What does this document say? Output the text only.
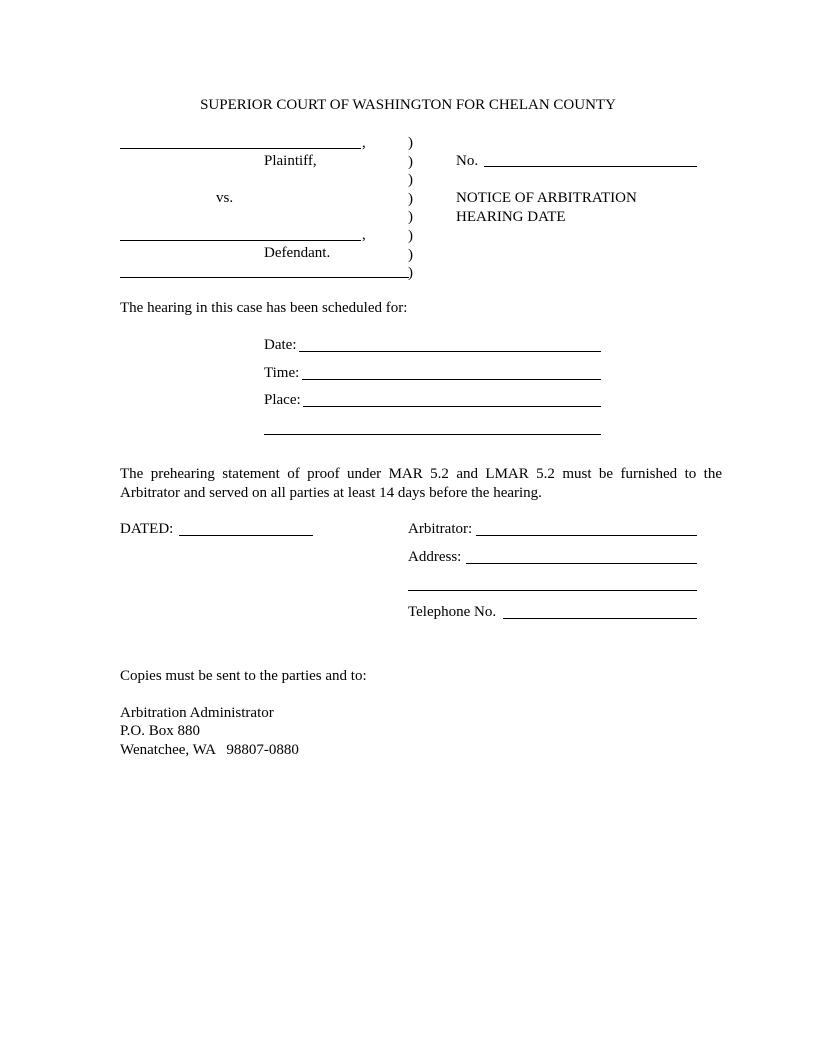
SUPERIOR COURT OF WASHINGTON FOR CHELAN COUNTY
,
Plaintiff,
vs.
,
Defendant.
)
)
)
)
)
)
)
)
No.
NOTICE OF ARBITRATION
HEARING DATE
The hearing in this case has been scheduled for:
Date:
Time:
Place:
The prehearing statement of proof under MAR 5.2 and LMAR 5.2 must be furnished to the Arbitrator and served on all parties at least 14 days before the hearing.
DATED:	Arbitrator:
Address:
Telephone No.
Copies must be sent to the parties and to:
Arbitration Administrator
P.O. Box 880
Wenatchee, WA   98807-0880
